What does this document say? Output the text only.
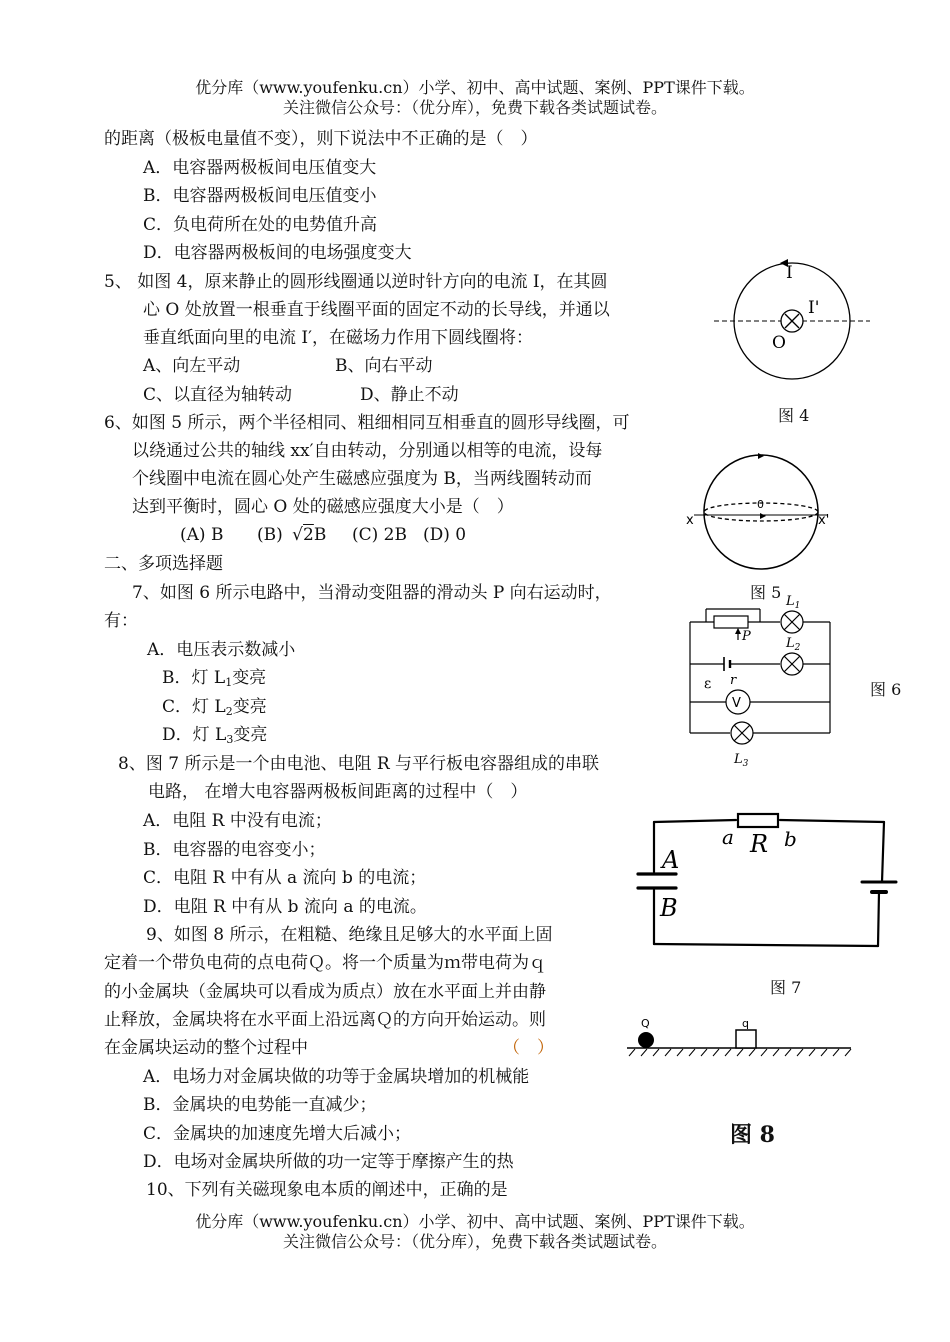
优分库（www.youfenku.cn）小学、初中、高中试题、案例、PPT课件下载。
关注微信公众号：（优分库），免费下载各类试题试卷。
的距离（极板电量值不变），则下说法中不正确的是（　）
A．电容器两极板间电压值变大
B．电容器两极板间电压值变小
C．负电荷所在处的电势值升高
D．电容器两极板间的电场强度变大
5、 如图 4，原来静止的圆形线圈通以逆时针方向的电流 I，在其圆
心 O 处放置一根垂直于线圈平面的固定不动的长导线，并通以
垂直纸面向里的电流 I′，在磁场力作用下圆线圈将：
A、向左平动	B、向右平动
C、以直径为轴转动	D、静止不动
6、如图 5 所示，两个半径相同、粗细相同互相垂直的圆形导线圈，可
以绕通过公共的轴线 xx′自由转动，分别通以相等的电流，设每
个线圈中电流在圆心处产生磁感应强度为 B，当两线圈转动而
达到平衡时，圆心 O 处的磁感应强度大小是（　）
(A) B (B) √2B (C) 2B (D) 0
二、多项选择题
7、如图 6 所示电路中，当滑动变阻器的滑动头 P 向右运动时，
有：
A．电压表示数减小
B．灯 $L_1$变亮
C．灯 $L_2$变亮
D．灯 $L_3$变亮
8、图 7 所示是一个由电池、电阻 R 与平行板电容器组成的串联
电路， 在增大电容器两极板间距离的过程中（　）
A．电阻 R 中没有电流；
B．电容器的电容变小；
C．电阻 R 中有从 a 流向 b 的电流；
D．电阻 R 中有从 b 流向 a 的电流。
9、如图 8 所示，在粗糙、绝缘且足够大的水平面上固
定着一个带负电荷的点电荷Ｑ。将一个质量为ｍ带电荷为ｑ
的小金属块（金属块可以看成为质点）放在水平面上并由静
止释放，金属块将在水平面上沿远离Ｑ的方向开始运动。则
在金属块运动的整个过程中	（　）
A．电场力对金属块做的功等于金属块增加的机械能
B．金属块的电势能一直减少；
C．金属块的加速度先增大后减小；
D．电场对金属块所做的功一定等于摩擦产生的热
10、下列有关磁现象电本质的阐述中，正确的是
优分库（www.youfenku.cn）小学、初中、高中试题、案例、PPT课件下载。
关注微信公众号：（优分库），免费下载各类试题试卷。
I
I'
O
图 4
x	x'
0
图 5 $L_1$
$L_2$
$L_3$
P
r
ε
V
图 6
a R b
A
B
图 7
Q	q
图 8
